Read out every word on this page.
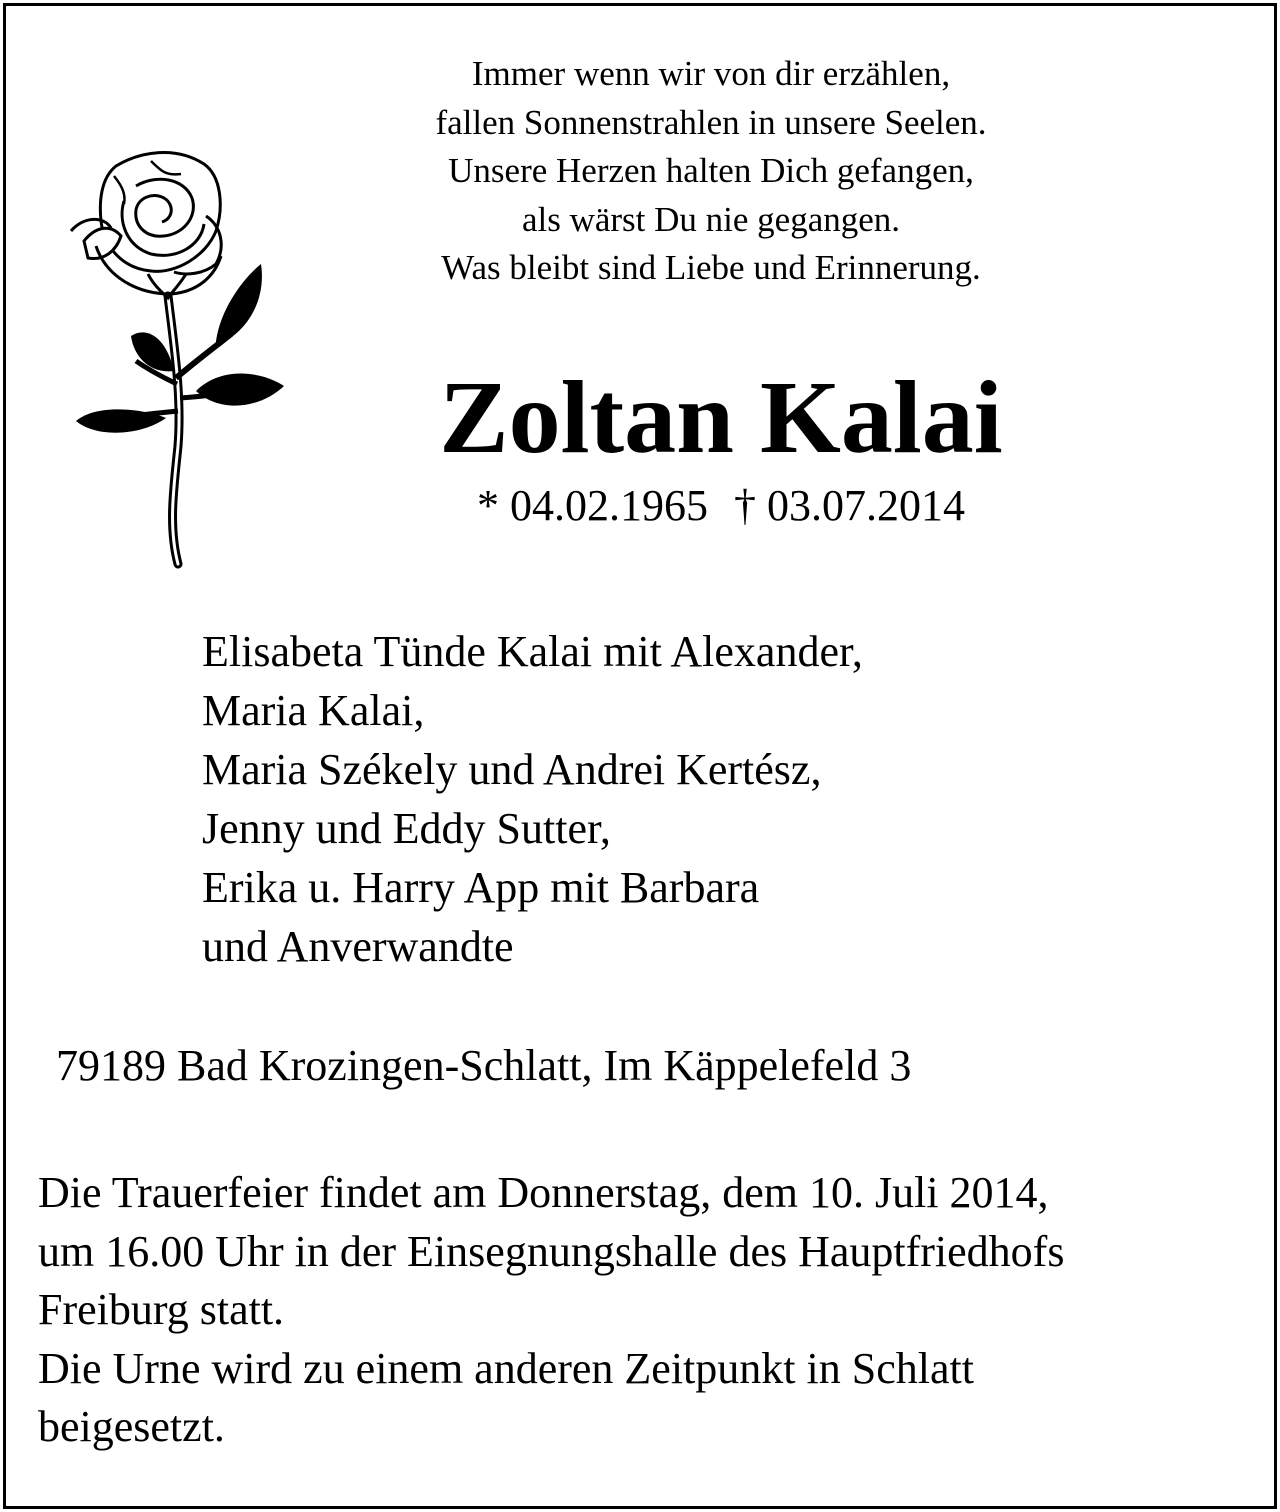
Immer wenn wir von dir erzählen,
fallen Sonnenstrahlen in unsere Seelen.
Unsere Herzen halten Dich gefangen,
als wärst Du nie gegangen.
Was bleibt sind Liebe und Erinnerung.
Zoltan Kalai
* 04.02.1965 † 03.07.2014
Elisabeta Tünde Kalai mit Alexander,
Maria Kalai,
Maria Székely und Andrei Kertész,
Jenny und Eddy Sutter,
Erika u. Harry App mit Barbara
und Anverwandte
79189 Bad Krozingen-Schlatt, Im Käppelefeld 3
Die Trauerfeier findet am Donnerstag, dem 10. Juli 2014,
um 16.00 Uhr in der Einsegnungshalle des Hauptfriedhofs
Freiburg statt.
Die Urne wird zu einem anderen Zeitpunkt in Schlatt
beigesetzt.
